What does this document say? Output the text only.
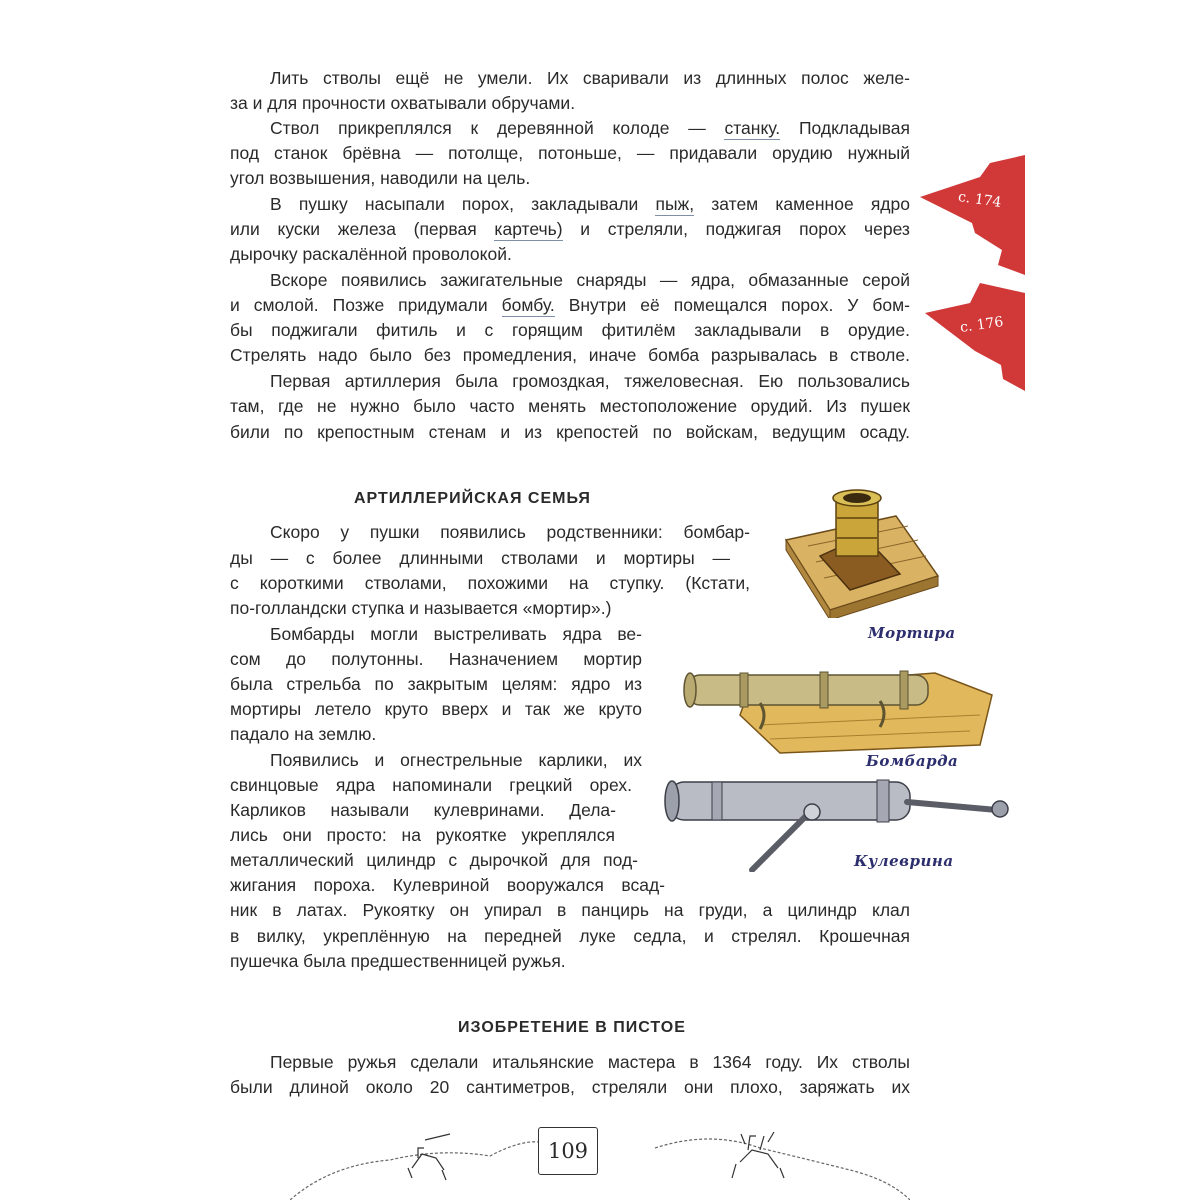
Лить стволы ещё не умели. Их сваривали из длинных полос желе-
за и для прочности охватывали обручами.
Ствол прикреплялся к деревянной колоде — станку. Подкладывая
под станок брёвна — потолще, потоньше, — придавали орудию нужный
угол возвышения, наводили на цель.
В пушку насыпали порох, закладывали пыж, затем каменное ядро
или куски железа (первая картечь) и стреляли, поджигая порох через
дырочку раскалённой проволокой.
Вскоре появились зажигательные снаряды — ядра, обмазанные серой
и смолой. Позже придумали бомбу. Внутри её помещался порох. У бом-
бы поджигали фитиль и с горящим фитилём закладывали в орудие.
Стрелять надо было без промедления, иначе бомба разрывалась в стволе.
Первая артиллерия была громоздкая, тяжеловесная. Ею пользовались
там, где не нужно было часто менять местоположение орудий. Из пушек
били по крепостным стенам и из крепостей по войскам, ведущим осаду.
с. 174
с. 176
АРТИЛЛЕРИЙСКАЯ СЕМЬЯ
Скоро у пушки появились родственники: бомбар-
ды — с более длинными стволами и мортиры —
с короткими стволами, похожими на ступку. (Кстати,
по-голландски ступка и называется «мортир».)
Бомбарды могли выстреливать ядра ве-
сом до полутонны. Назначением мортир
была стрельба по закрытым целям: ядро из
мортиры летело круто вверх и так же круто
падало на землю.
Появились и огнестрельные карлики, их
свинцовые ядра напоминали грецкий орех.
Карликов называли кулевринами. Дела-
лись они просто: на рукоятке укреплялся
металлический цилиндр с дырочкой для под-
жигания пороха. Кулевриной вооружался всад-
ник в латах. Рукоятку он упирал в панцирь на груди, а цилиндр клал
в вилку, укреплённую на передней луке седла, и стрелял. Крошечная
пушечка была предшественницей ружья.
Мортира
Бомбарда
Кулеврина
ИЗОБРЕТЕНИЕ В ПИСТОЕ
Первые ружья сделали итальянские мастера в 1364 году. Их стволы
были длиной около 20 сантиметров, стреляли они плохо, заряжать их
109
